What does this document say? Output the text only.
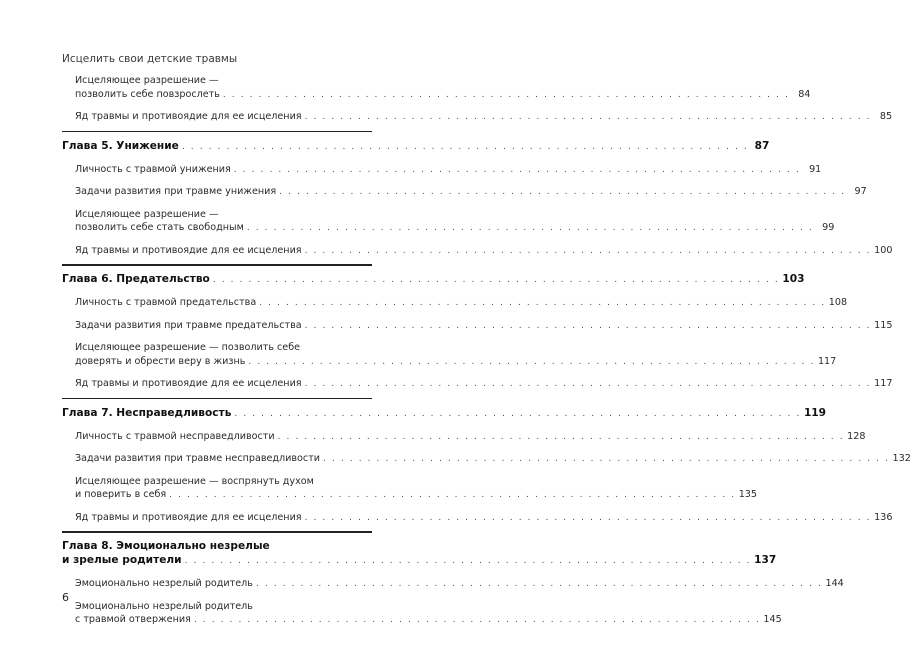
Исцелить свои детские травмы
Исцеляющее разрешение —
позволить себе повзрослеть . . . . . . . . . . . . . . . . . . . . . . . . . . . . . . . . . . . . . . . . . . . . . . . . . . . . . . . . . . . . . . . . 84
Яд травмы и противоядие для ее исцеления . . . . . . . . . . . . . . . . . . . . . . . . . . . . . . . . . . . . . . . . . . . . . . . . . . . . . . . . . . . . . . . . 85
Глава 5. Унижение . . . . . . . . . . . . . . . . . . . . . . . . . . . . . . . . . . . . . . . . . . . . . . . . . . . . . . . . . . . . . . . . 87
Личность с травмой унижения . . . . . . . . . . . . . . . . . . . . . . . . . . . . . . . . . . . . . . . . . . . . . . . . . . . . . . . . . . . . . . . . 91
Задачи развития при травме унижения . . . . . . . . . . . . . . . . . . . . . . . . . . . . . . . . . . . . . . . . . . . . . . . . . . . . . . . . . . . . . . . . 97
Исцеляющее разрешение —
позволить себе стать свободным . . . . . . . . . . . . . . . . . . . . . . . . . . . . . . . . . . . . . . . . . . . . . . . . . . . . . . . . . . . . . . . . 99
Яд травмы и противоядие для ее исцеления . . . . . . . . . . . . . . . . . . . . . . . . . . . . . . . . . . . . . . . . . . . . . . . . . . . . . . . . . . . . . . . . 100
Глава 6. Предательство . . . . . . . . . . . . . . . . . . . . . . . . . . . . . . . . . . . . . . . . . . . . . . . . . . . . . . . . . . . . . . . . 103
Личность с травмой предательства . . . . . . . . . . . . . . . . . . . . . . . . . . . . . . . . . . . . . . . . . . . . . . . . . . . . . . . . . . . . . . . . 108
Задачи развития при травме предательства . . . . . . . . . . . . . . . . . . . . . . . . . . . . . . . . . . . . . . . . . . . . . . . . . . . . . . . . . . . . . . . . 115
Исцеляющее разрешение — позволить себе
доверять и обрести веру в жизнь . . . . . . . . . . . . . . . . . . . . . . . . . . . . . . . . . . . . . . . . . . . . . . . . . . . . . . . . . . . . . . . . 117
Яд травмы и противоядие для ее исцеления . . . . . . . . . . . . . . . . . . . . . . . . . . . . . . . . . . . . . . . . . . . . . . . . . . . . . . . . . . . . . . . . 117
Глава 7. Несправедливость . . . . . . . . . . . . . . . . . . . . . . . . . . . . . . . . . . . . . . . . . . . . . . . . . . . . . . . . . . . . . . . . 119
Личность с травмой несправедливости . . . . . . . . . . . . . . . . . . . . . . . . . . . . . . . . . . . . . . . . . . . . . . . . . . . . . . . . . . . . . . . . 128
Задачи развития при травме несправедливости . . . . . . . . . . . . . . . . . . . . . . . . . . . . . . . . . . . . . . . . . . . . . . . . . . . . . . . . . . . . . . . . 132
Исцеляющее разрешение — воспрянуть духом
и поверить в себя . . . . . . . . . . . . . . . . . . . . . . . . . . . . . . . . . . . . . . . . . . . . . . . . . . . . . . . . . . . . . . . . 135
Яд травмы и противоядие для ее исцеления . . . . . . . . . . . . . . . . . . . . . . . . . . . . . . . . . . . . . . . . . . . . . . . . . . . . . . . . . . . . . . . . 136
Глава 8. Эмоционально незрелые
и зрелые родители . . . . . . . . . . . . . . . . . . . . . . . . . . . . . . . . . . . . . . . . . . . . . . . . . . . . . . . . . . . . . . . . 137
Эмоционально незрелый родитель . . . . . . . . . . . . . . . . . . . . . . . . . . . . . . . . . . . . . . . . . . . . . . . . . . . . . . . . . . . . . . . . 144
Эмоционально незрелый родитель
с травмой отвержения . . . . . . . . . . . . . . . . . . . . . . . . . . . . . . . . . . . . . . . . . . . . . . . . . . . . . . . . . . . . . . . . 145
6
